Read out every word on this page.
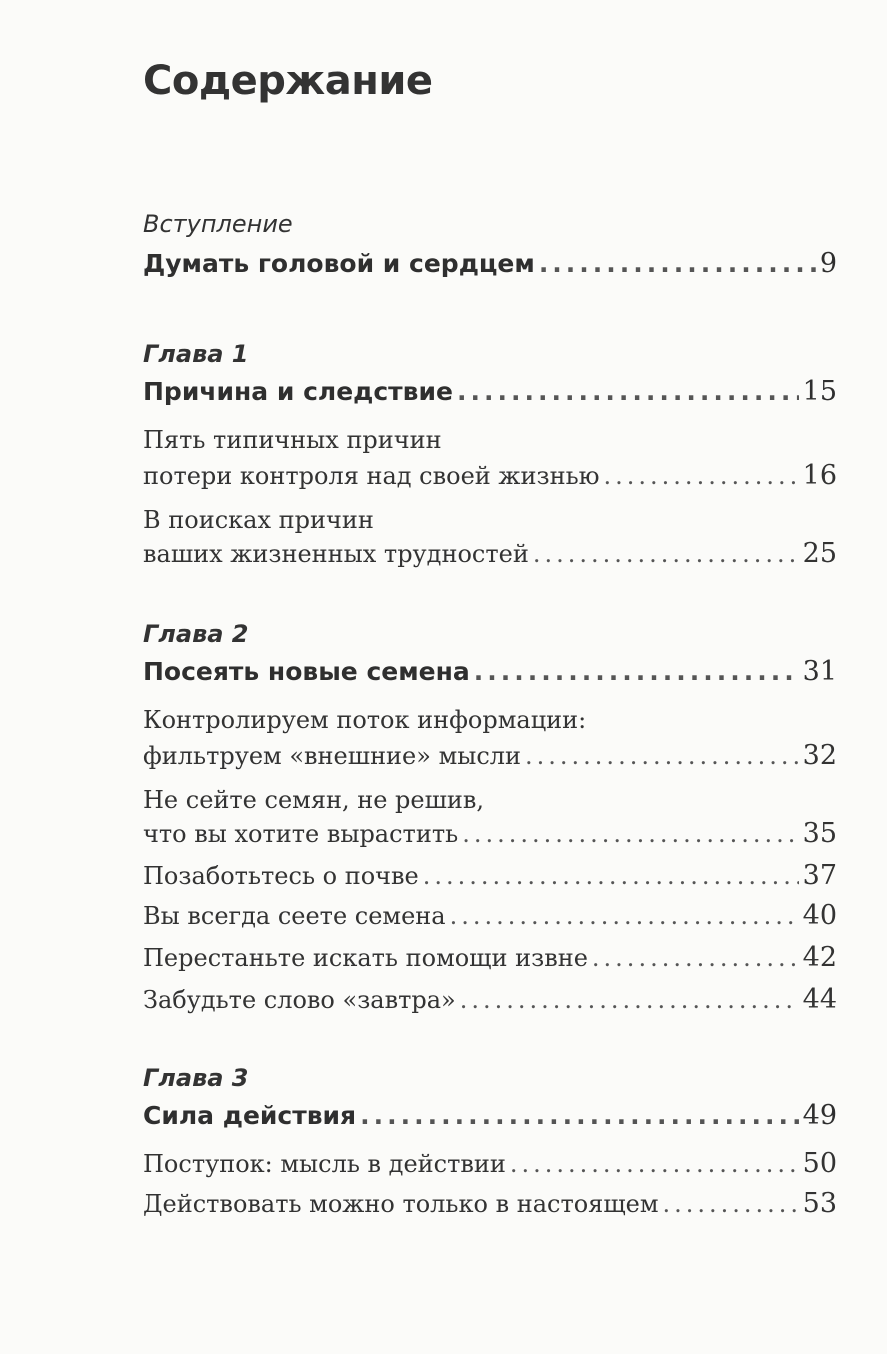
Содержание
Вступление
Думать головой и сердцем .....	9
Глава 1
Причина и следствие .....	15
Пять типичных причин
потери контроля над своей жизнью .....	16
В поисках причин
ваших жизненных трудностей .....	25
Глава 2
Посеять новые семена .....	31
Контролируем поток информации:
фильтруем «внешние» мысли .....	32
Не сейте семян, не решив,
что вы хотите вырастить .....	35
Позаботьтесь о почве .....	37
Вы всегда сеете семена .....	40
Перестаньте искать помощи извне .....	42
Забудьте слово «завтра» .....	44
Глава 3
Сила действия .....	49
Поступок: мысль в действии .....	50
Действовать можно только в настоящем .....	53
